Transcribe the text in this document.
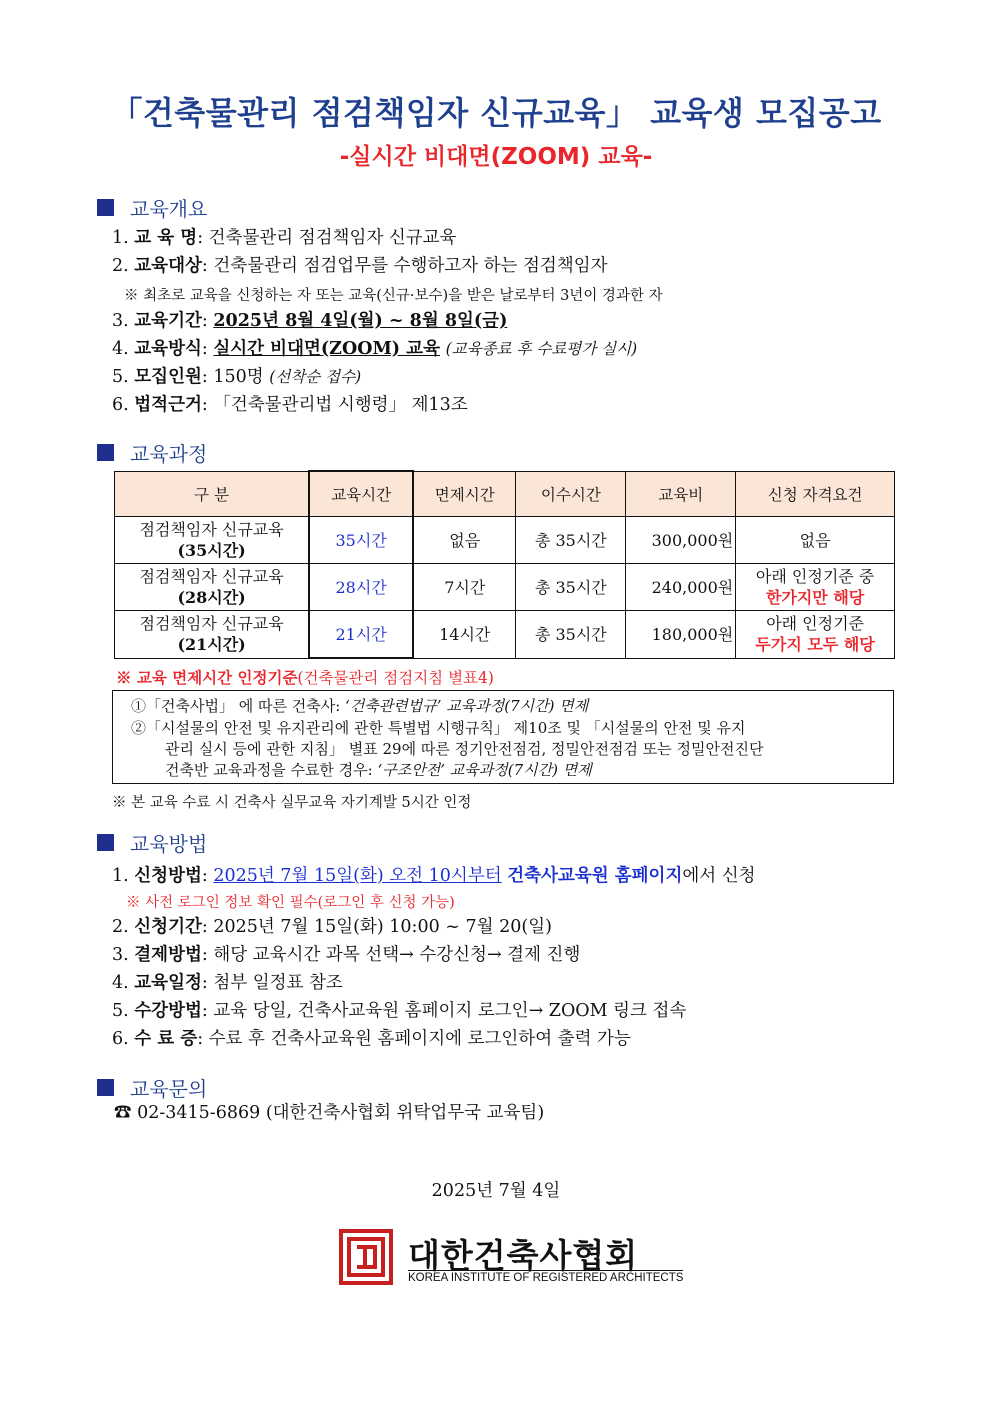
「건축물관리 점검책임자 신규교육」 교육생 모집공고
-실시간 비대면(ZOOM) 교육-
교육개요
1. 교 육 명: 건축물관리 점검책임자 신규교육
2. 교육대상: 건축물관리 점검업무를 수행하고자 하는 점검책임자
※ 최초로 교육을 신청하는 자 또는 교육(신규·보수)을 받은 날로부터 3년이 경과한 자
3. 교육기간: 2025년 8월 4일(월) ~ 8월 8일(금)
4. 교육방식: 실시간 비대면(ZOOM) 교육 (교육종료 후 수료평가 실시)
5. 모집인원: 150명 (선착순 접수)
6. 법적근거: 「건축물관리법 시행령」 제13조
교육과정
구 분	교육시간	면제시간	이수시간	교육비	신청 자격요건
점검책임자 신규교육
(35시간)	35시간	없음	총 35시간	300,000원	없음
점검책임자 신규교육
(28시간)	28시간	7시간	총 35시간	240,000원	아래 인정기준 중
한가지만 해당
점검책임자 신규교육
(21시간)	21시간	14시간	총 35시간	180,000원	아래 인정기준
두가지 모두 해당
※ 교육 면제시간 인정기준(건축물관리 점검지침 별표4)
①「건축사법」 에 따른 건축사: ‘건축관련법규’ 교육과정(7시간) 면제
②「시설물의 안전 및 유지관리에 관한 특별법 시행규칙」 제10조 및 「시설물의 안전 및 유지
관리 실시 등에 관한 지침」 별표 29에 따른 정기안전점검, 정밀안전점검 또는 정밀안전진단
건축반 교육과정을 수료한 경우: ‘구조안전’ 교육과정(7시간) 면제
※ 본 교육 수료 시 건축사 실무교육 자기계발 5시간 인정
교육방법
1. 신청방법: 2025년 7월 15일(화) 오전 10시부터 건축사교육원 홈페이지에서 신청
※ 사전 로그인 정보 확인 필수(로그인 후 신청 가능)
2. 신청기간: 2025년 7월 15일(화) 10:00 ~ 7월 20(일)
3. 결제방법: 해당 교육시간 과목 선택→ 수강신청→ 결제 진행
4. 교육일정: 첨부 일정표 참조
5. 수강방법: 교육 당일, 건축사교육원 홈페이지 로그인→ ZOOM 링크 접속
6. 수 료 증: 수료 후 건축사교육원 홈페이지에 로그인하여 출력 가능
교육문의
☎ 02-3415-6869 (대한건축사협회 위탁업무국 교육팀)
2025년 7월 4일
대한건축사협회
KOREA INSTITUTE OF REGISTERED ARCHITECTS
